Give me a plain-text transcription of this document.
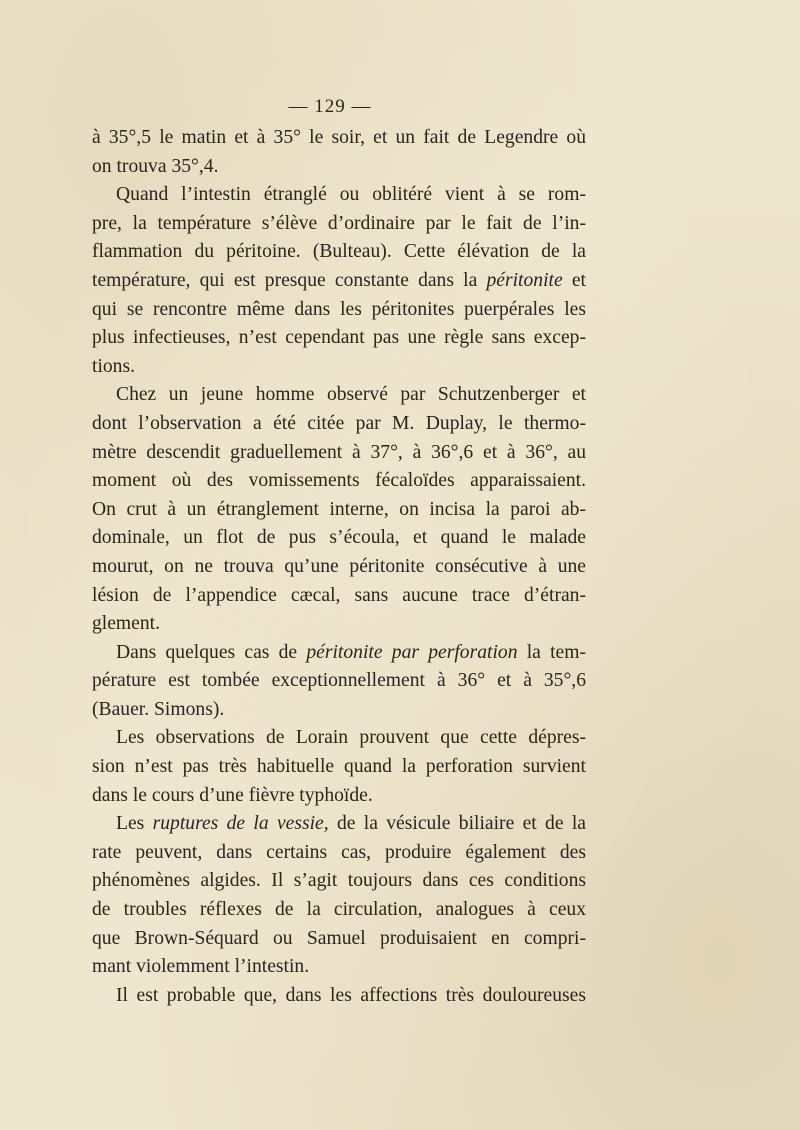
— 129 —
à 35°,5 le matin et à 35° le soir, et un fait de Legendre où
on trouva 35°,4.
Quand l’intestin étranglé ou oblitéré vient à se rom-
pre, la température s’élève d’ordinaire par le fait de l’in-
flammation du péritoine. (Bulteau). Cette élévation de la
température, qui est presque constante dans la péritonite et
qui se rencontre même dans les péritonites puerpérales les
plus infectieuses, n’est cependant pas une règle sans excep-
tions.
Chez un jeune homme observé par Schutzenberger et
dont l’observation a été citée par M. Duplay, le thermo-
mètre descendit graduellement à 37°, à 36°,6 et à 36°, au
moment où des vomissements fécaloïdes apparaissaient.
On crut à un étranglement interne, on incisa la paroi ab-
dominale, un flot de pus s’écoula, et quand le malade
mourut, on ne trouva qu’une péritonite consécutive à une
lésion de l’appendice cæcal, sans aucune trace d’étran-
glement.
Dans quelques cas de péritonite par perforation la tem-
pérature est tombée exceptionnellement à 36° et à 35°,6
(Bauer. Simons).
Les observations de Lorain prouvent que cette dépres-
sion n’est pas très habituelle quand la perforation survient
dans le cours d’une fièvre typhoïde.
Les ruptures de la vessie, de la vésicule biliaire et de la
rate peuvent, dans certains cas, produire également des
phénomènes algides. Il s’agit toujours dans ces conditions
de troubles réflexes de la circulation, analogues à ceux
que Brown-Séquard ou Samuel produisaient en compri-
mant violemment l’intestin.
Il est probable que, dans les affections très douloureuses
